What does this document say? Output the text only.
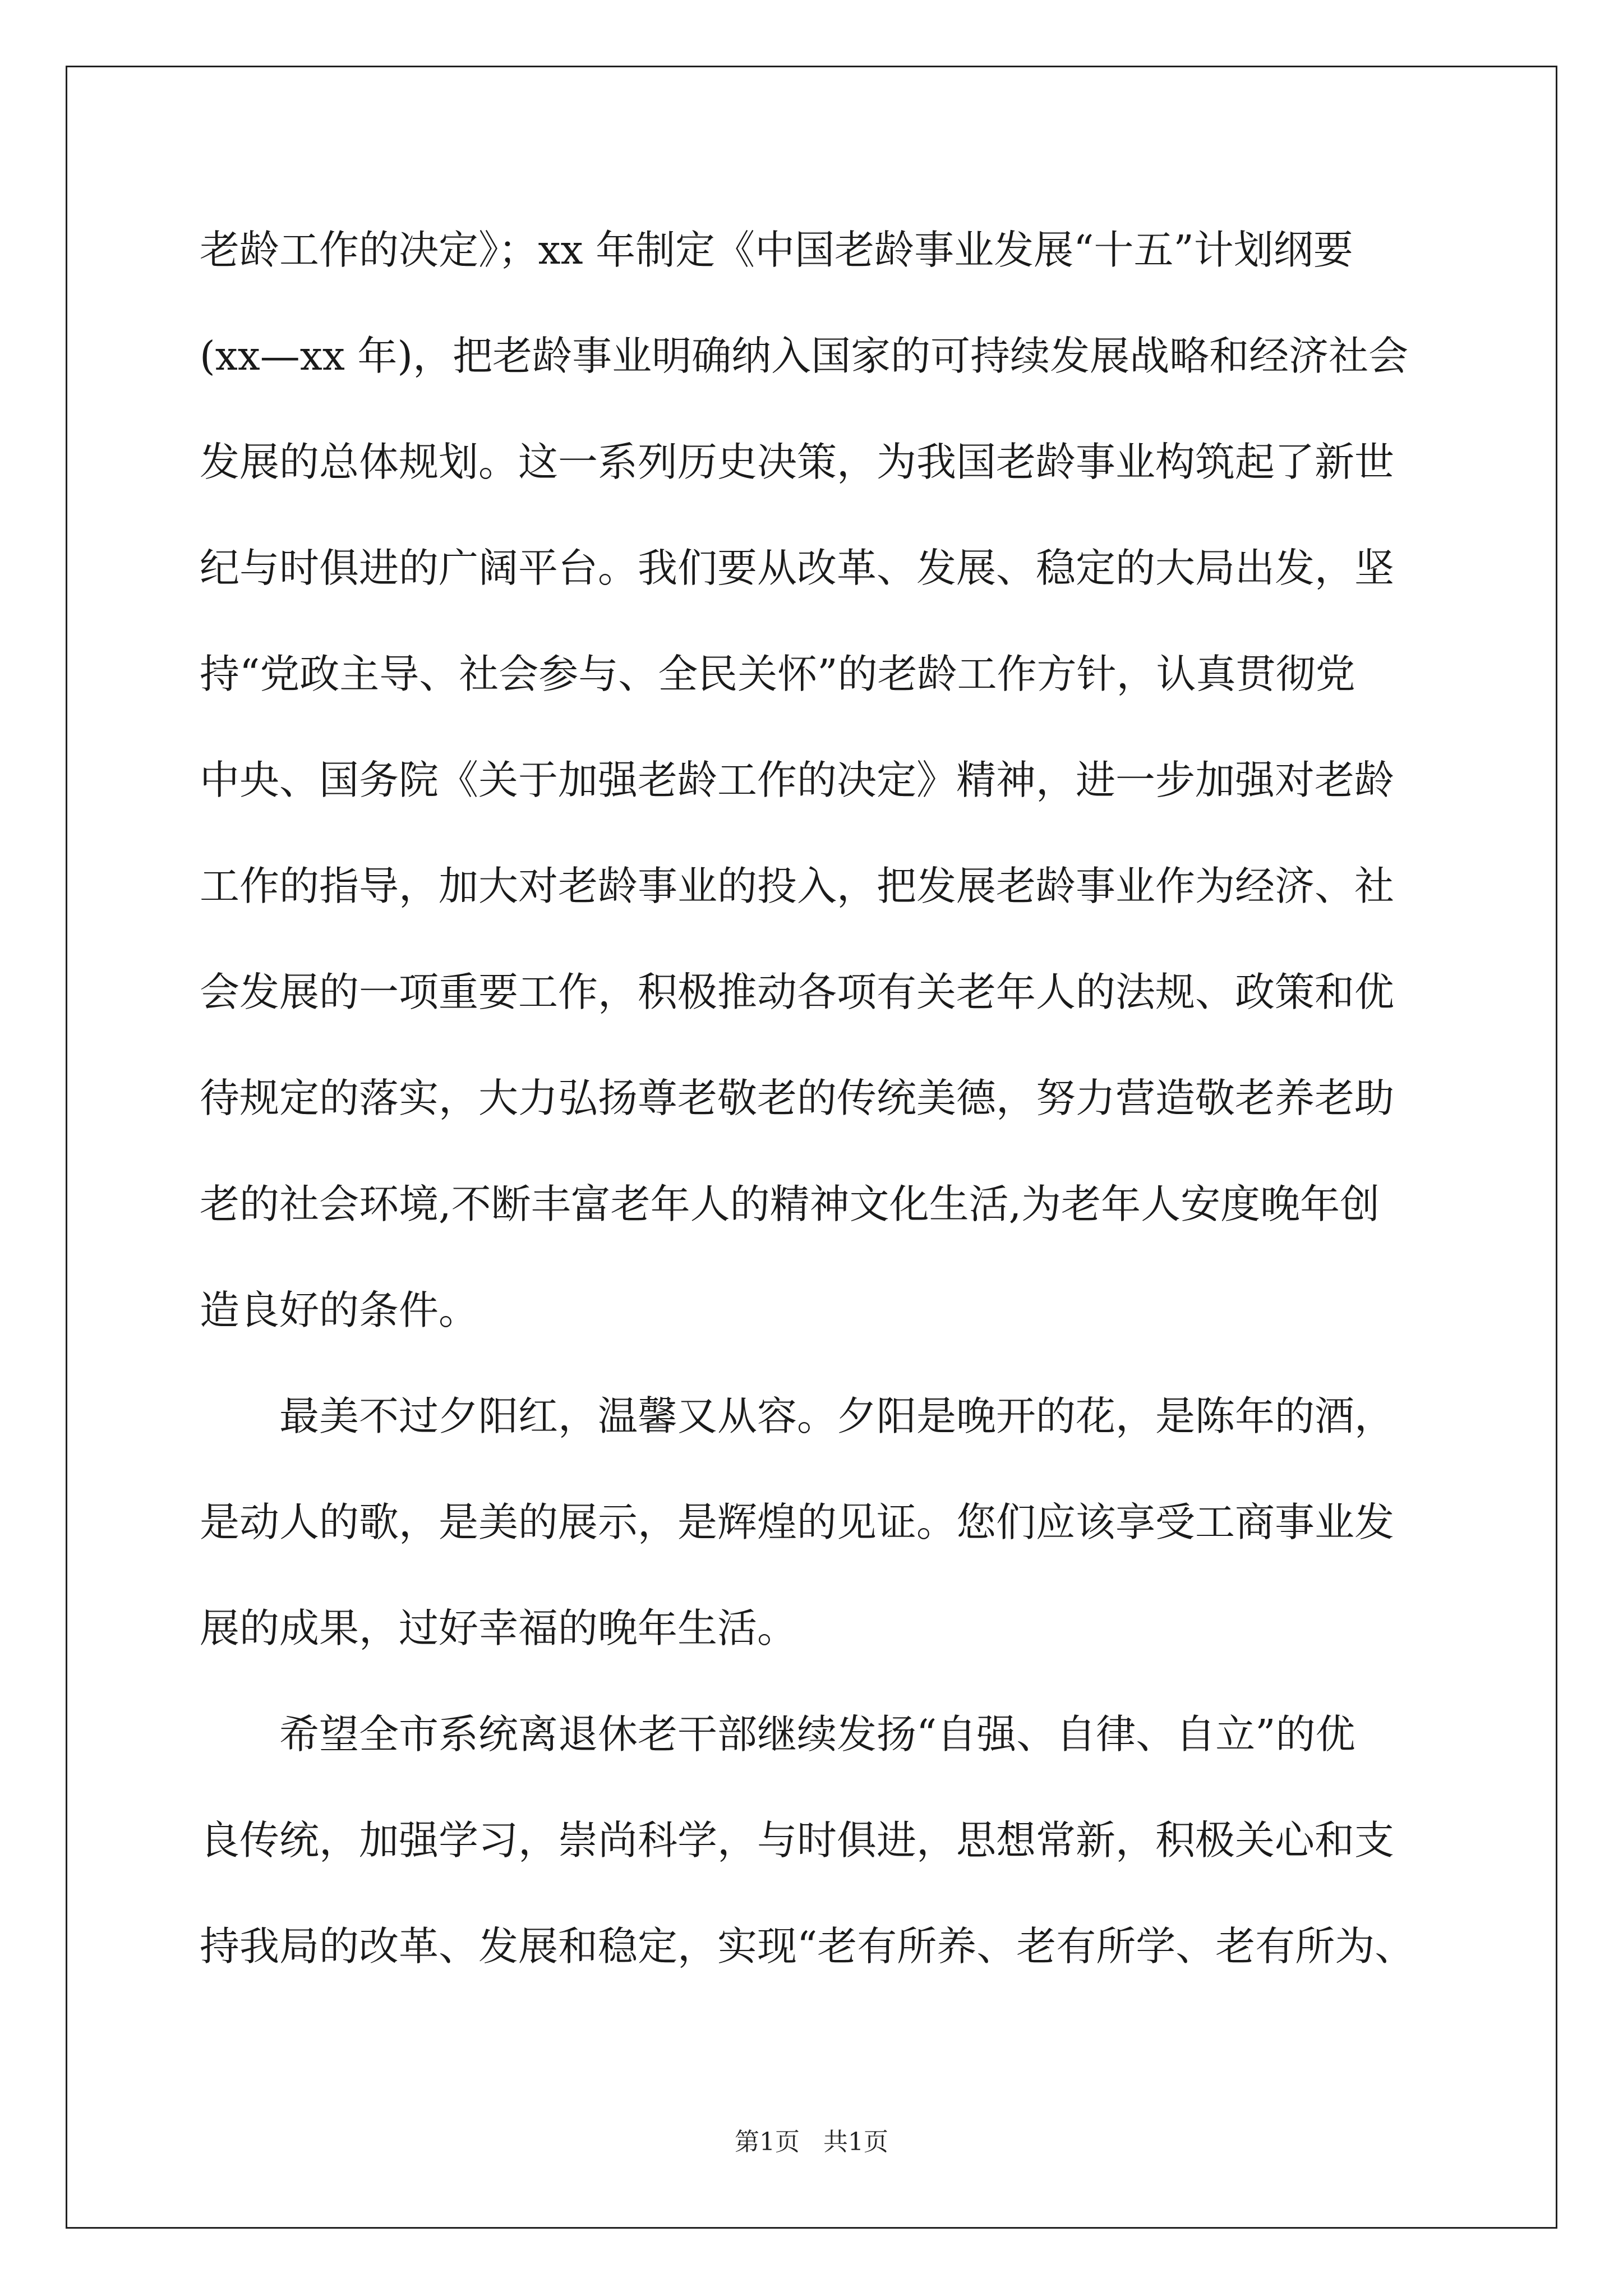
老龄工作的决定》；xx 年制定《中国老龄事业发展“十五”计划纲要
(xx—xx 年)，把老龄事业明确纳入国家的可持续发展战略和经济社会
发展的总体规划。这一系列历史决策，为我国老龄事业构筑起了新世
纪与时俱进的广阔平台。我们要从改革、发展、稳定的大局出发，坚
持“党政主导、社会参与、全民关怀”的老龄工作方针，认真贯彻党
中央、国务院《关于加强老龄工作的决定》精神，进一步加强对老龄
工作的指导，加大对老龄事业的投入，把发展老龄事业作为经济、社
会发展的一项重要工作，积极推动各项有关老年人的法规、政策和优
待规定的落实，大力弘扬尊老敬老的传统美德，努力营造敬老养老助
老的社会环境,不断丰富老年人的精神文化生活,为老年人安度晚年创
造良好的条件。
最美不过夕阳红，温馨又从容。夕阳是晚开的花，是陈年的酒，
是动人的歌，是美的展示，是辉煌的见证。您们应该享受工商事业发
展的成果，过好幸福的晚年生活。
希望全市系统离退休老干部继续发扬“自强、自律、自立”的优
良传统，加强学习，崇尚科学，与时俱进，思想常新，积极关心和支
持我局的改革、发展和稳定，实现“老有所养、老有所学、老有所为、
第1页   共1页
